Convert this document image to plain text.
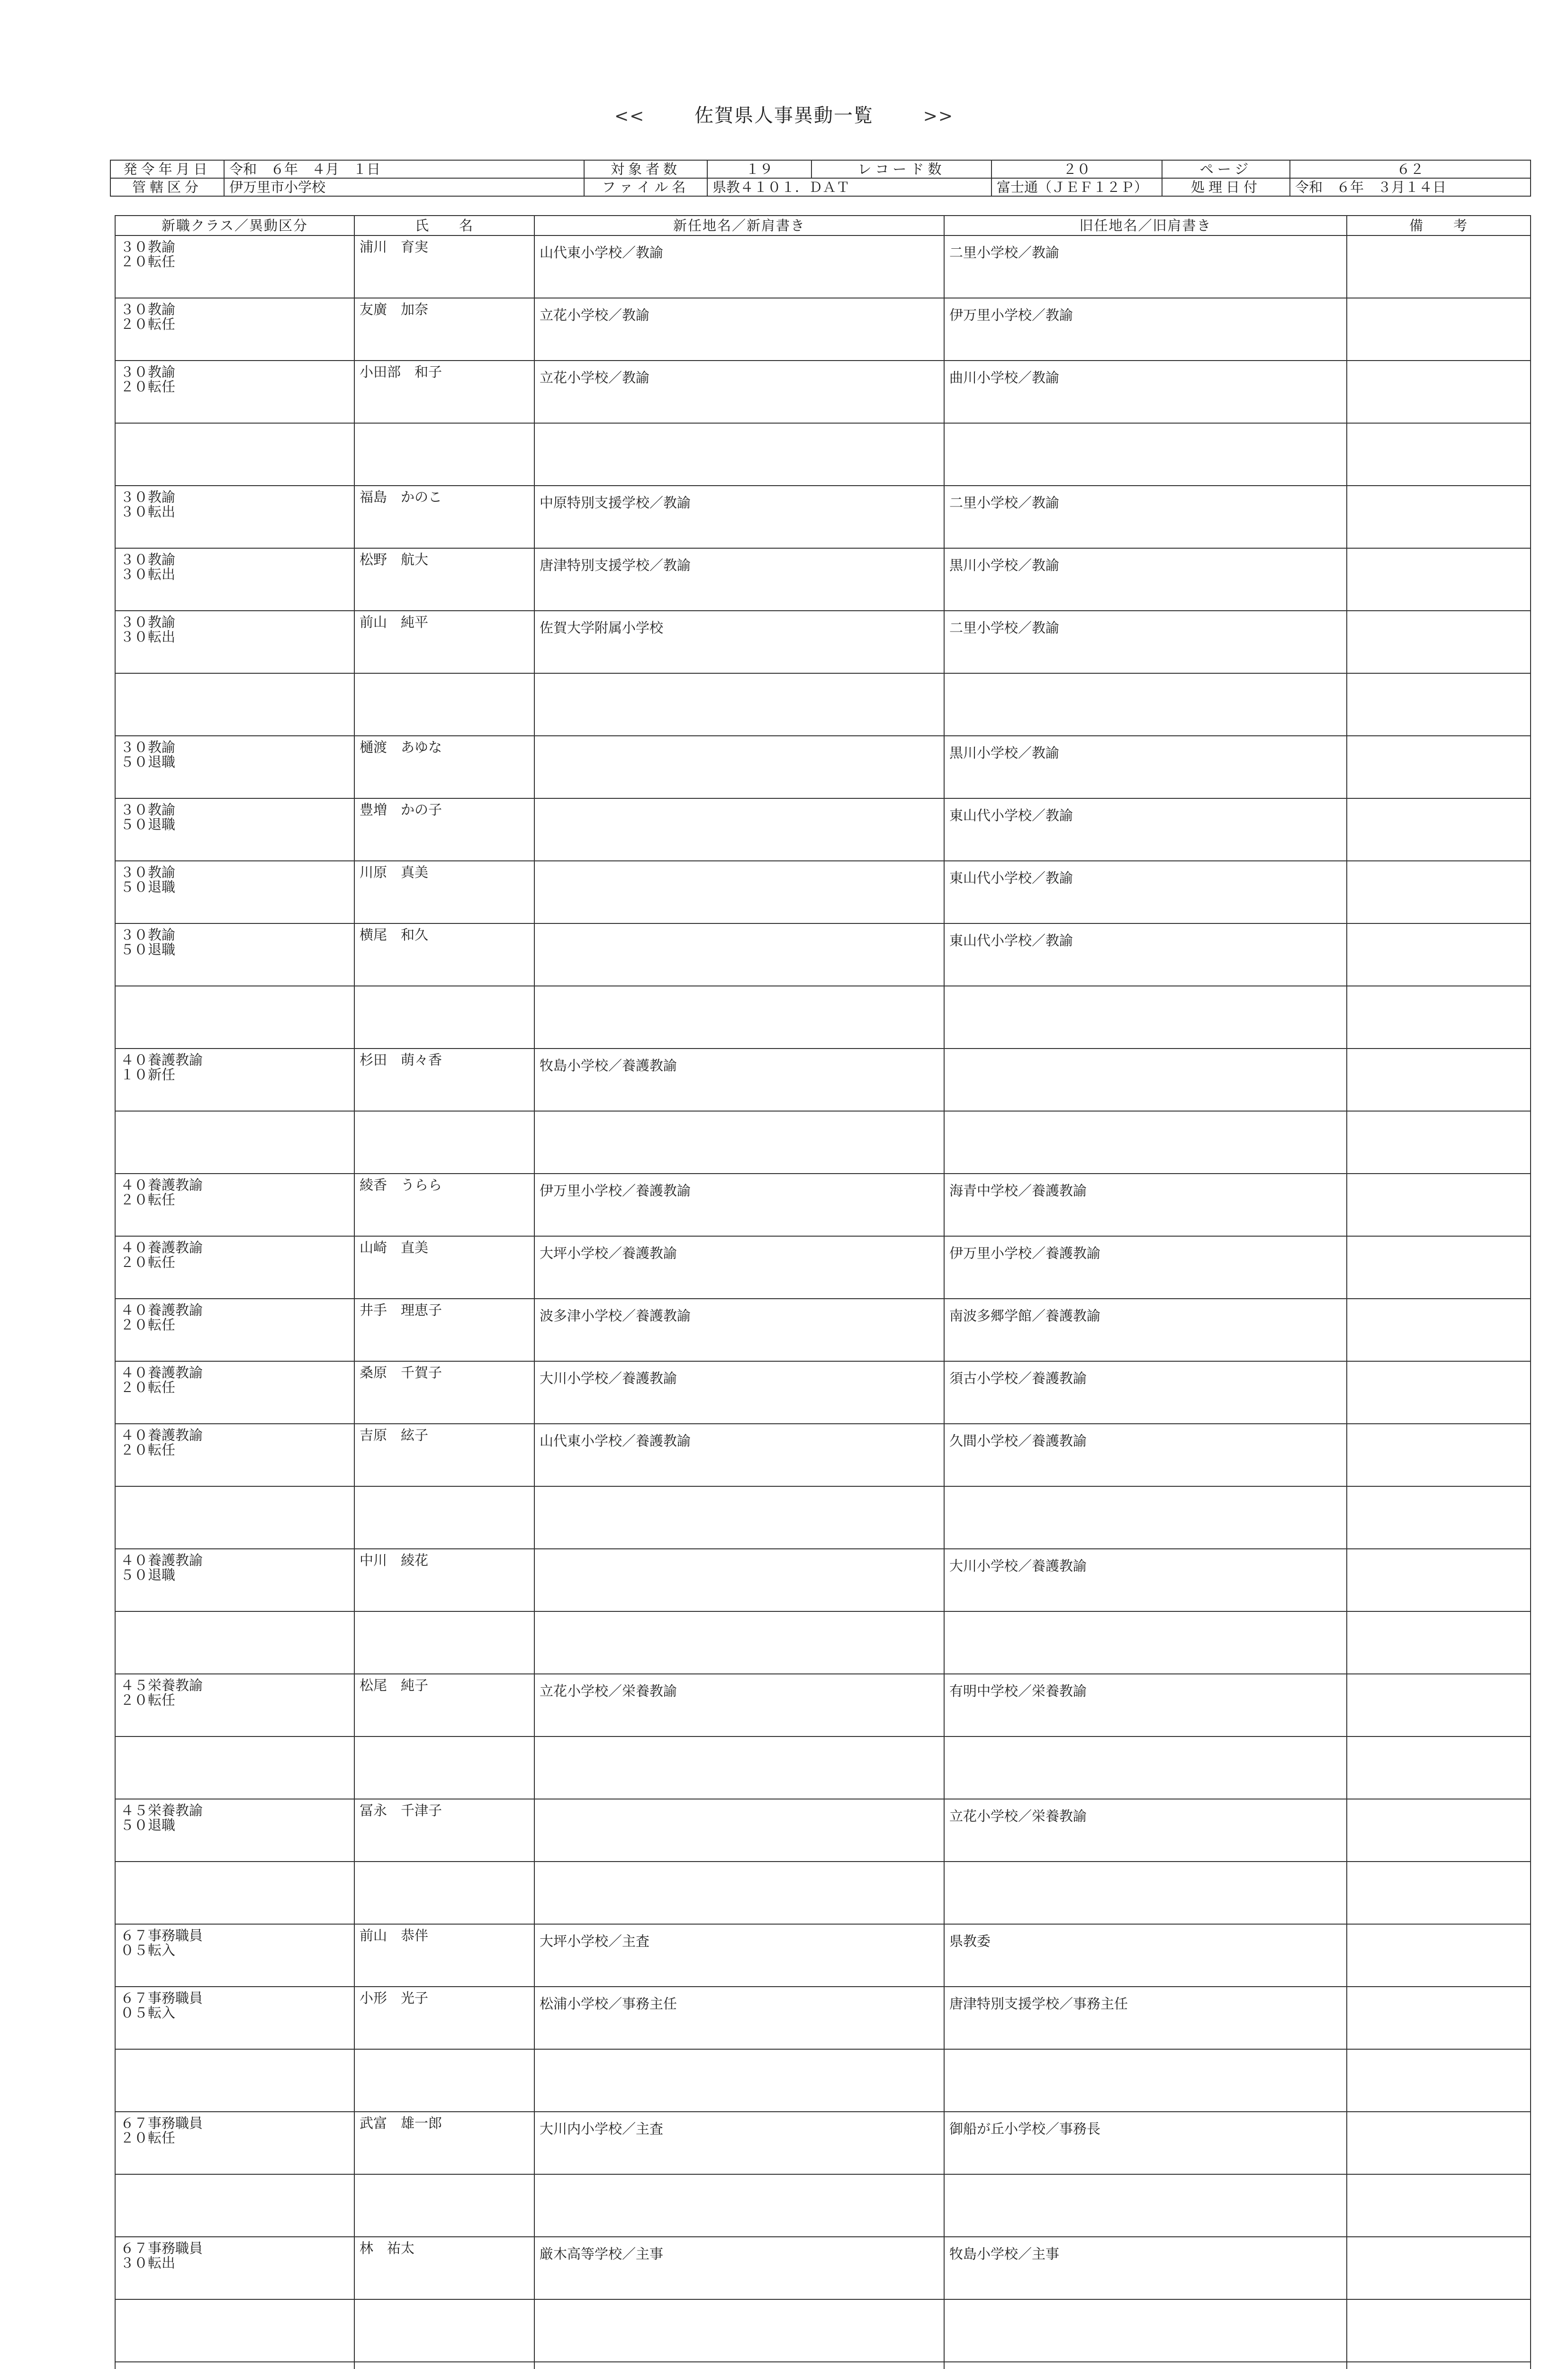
<<	佐賀県人事異動一覧	>>
発令年月日	令和　６年　４月　１日	対象者数	１９	レコード数	２０	ページ	６２
管轄区分	伊万里市小学校	ファイル名	県教４１０１．ＤＡＴ		富士通（ＪＥＦ１２Ｐ）	処理日付	令和　６年　３月１４日
新職クラス／異動区分	氏　　名	新任地名／新肩書き	旧任地名／旧肩書き	備　　考

３０教諭
２０転任	浦川　育実	山代東小学校／教諭	二里小学校／教諭	

３０教諭
２０転任	友廣　加奈	立花小学校／教諭	伊万里小学校／教諭	

３０教諭
２０転任	小田部　和子	立花小学校／教諭	曲川小学校／教諭	

３０教諭
３０転出	福島　かのこ	中原特別支援学校／教諭	二里小学校／教諭	

３０教諭
３０転出	松野　航大	唐津特別支援学校／教諭	黒川小学校／教諭	

３０教諭
３０転出	前山　純平	佐賀大学附属小学校	二里小学校／教諭	

３０教諭
５０退職	樋渡　あゆな		黒川小学校／教諭	

３０教諭
５０退職	豊増　かの子		東山代小学校／教諭	

３０教諭
５０退職	川原　真美		東山代小学校／教諭	

３０教諭
５０退職	横尾　和久		東山代小学校／教諭	

４０養護教諭
１０新任	杉田　萌々香	牧島小学校／養護教諭		

４０養護教諭
２０転任	綾香　うらら	伊万里小学校／養護教諭	海青中学校／養護教諭	

４０養護教諭
２０転任	山崎　直美	大坪小学校／養護教諭	伊万里小学校／養護教諭	

４０養護教諭
２０転任	井手　理恵子	波多津小学校／養護教諭	南波多郷学館／養護教諭	

４０養護教諭
２０転任	桑原　千賀子	大川小学校／養護教諭	須古小学校／養護教諭	

４０養護教諭
２０転任	吉原　絃子	山代東小学校／養護教諭	久間小学校／養護教諭	

４０養護教諭
５０退職	中川　綾花		大川小学校／養護教諭	

４５栄養教諭
２０転任	松尾　純子	立花小学校／栄養教諭	有明中学校／栄養教諭	

４５栄養教諭
５０退職	冨永　千津子		立花小学校／栄養教諭	

６７事務職員
０５転入	前山　恭伴	大坪小学校／主査	県教委	

６７事務職員
０５転入	小形　光子	松浦小学校／事務主任	唐津特別支援学校／事務主任	

６７事務職員
２０転任	武富　雄一郎	大川内小学校／主査	御船が丘小学校／事務長	

６７事務職員
３０転出	林　祐太	厳木高等学校／主事	牧島小学校／主事	
